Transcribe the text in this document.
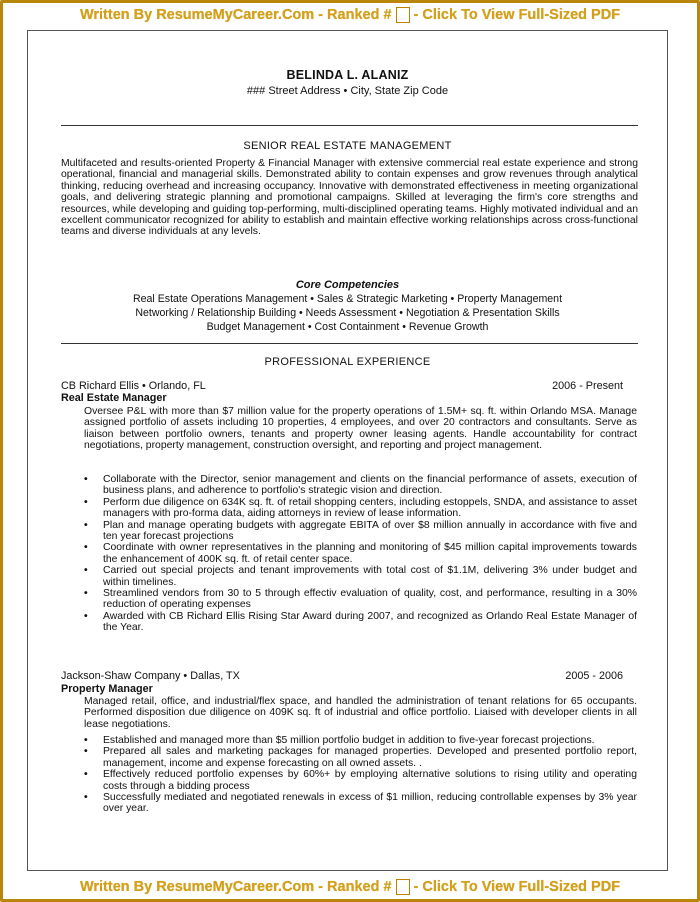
Written By ResumeMyCareer.Com - Ranked # - Click To View Full-Sized PDF
BELINDA L. ALANIZ
### Street Address • City, State Zip Code
SENIOR REAL ESTATE MANAGEMENT

Multifaceted and results-oriented Property & Financial Manager with extensive commercial real estate experience and strong operational, financial and managerial skills. Demonstrated ability to contain expenses and grow revenues through analytical thinking, reducing overhead and increasing occupancy. Innovative with demonstrated effectiveness in meeting organizational goals, and delivering strategic planning and promotional campaigns. Skilled at leveraging the firm's core strengths and resources, while developing and guiding top-performing, multi-disciplined operating teams. Highly motivated individual and an excellent communicator recognized for ability to establish and maintain effective working relationships across cross-functional teams and diverse individuals at any levels.

Core Competencies
Real Estate Operations Management • Sales & Strategic Marketing • Property Management
Networking / Relationship Building • Needs Assessment • Negotiation & Presentation Skills
Budget Management • Cost Containment • Revenue Growth
PROFESSIONAL EXPERIENCE
CB Richard Ellis • Orlando, FL	2006 - Present
Real Estate Manager

Oversee P&L with more than $7 million value for the property operations of 1.5M+ sq. ft. within Orlando MSA. Manage assigned portfolio of assets including 10 properties, 4 employees, and over 20 contractors and consultants. Serve as liaison between portfolio owners, tenants and property owner leasing agents. Handle accountability for contract negotiations, property management, construction oversight, and reporting and project management.

• Collaborate with the Director, senior management and clients on the financial performance of assets, execution of business plans, and adherence to portfolio's strategic vision and direction.
• Perform due diligence on 634K sq. ft. of retail shopping centers, including estoppels, SNDA, and assistance to asset managers with pro-forma data, aiding attorneys in review of lease information.
• Plan and manage operating budgets with aggregate EBITA of over $8 million annually in accordance with five and ten year forecast projections
• Coordinate with owner representatives in the planning and monitoring of $45 million capital improvements towards the enhancement of 400K sq. ft. of retail center space.
• Carried out special projects and tenant improvements with total cost of $1.1M, delivering 3% under budget and within timelines.
• Streamlined vendors from 30 to 5 through effectiv evaluation of quality, cost, and performance, resulting in a 30% reduction of operating expenses
• Awarded with CB Richard Ellis Rising Star Award during 2007, and recognized as Orlando Real Estate Manager of the Year.
Jackson-Shaw Company • Dallas, TX	2005 - 2006
Property Manager

Managed retail, office, and industrial/flex space, and handled the administration of tenant relations for 65 occupants. Performed disposition due diligence on 409K sq. ft of industrial and office portfolio. Liaised with developer clients in all lease negotiations.

• Established and managed more than $5 million portfolio budget in addition to five-year forecast projections.
• Prepared all sales and marketing packages for managed properties. Developed and presented portfolio report, management, income and expense forecasting on all owned assets. .
• Effectively reduced portfolio expenses by 60%+ by employing alternative solutions to rising utility and operating costs through a bidding process
• Successfully mediated and negotiated renewals in excess of $1 million, reducing controllable expenses by 3% year over year.
Written By ResumeMyCareer.Com - Ranked # - Click To View Full-Sized PDF
